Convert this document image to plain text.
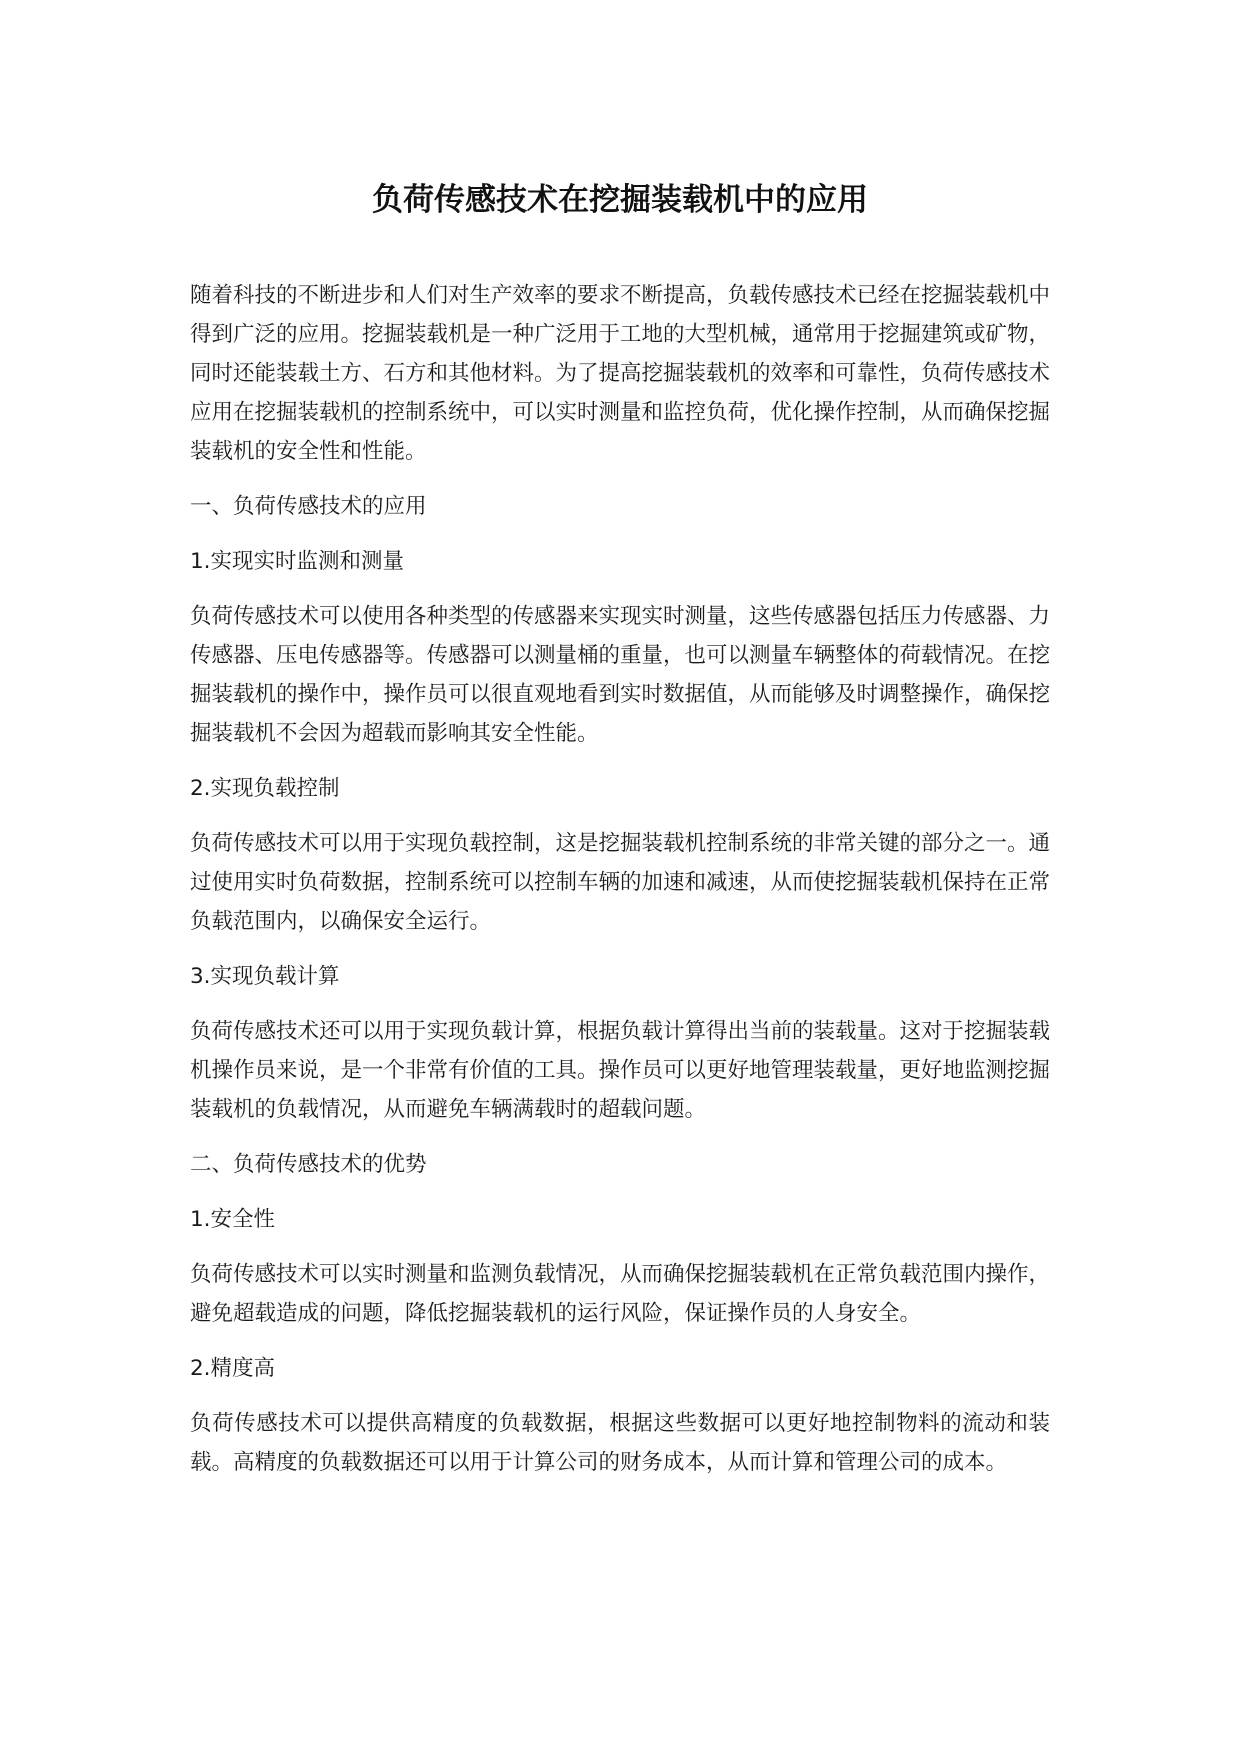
负荷传感技术在挖掘装载机中的应用

随着科技的不断进步和人们对生产效率的要求不断提高，负载传感技术已经在挖掘装载机中得到广泛的应用。挖掘装载机是一种广泛用于工地的大型机械，通常用于挖掘建筑或矿物，同时还能装载土方、石方和其他材料。为了提高挖掘装载机的效率和可靠性，负荷传感技术应用在挖掘装载机的控制系统中，可以实时测量和监控负荷，优化操作控制，从而确保挖掘装载机的安全性和性能。

一、负荷传感技术的应用
1.实现实时监测和测量

负荷传感技术可以使用各种类型的传感器来实现实时测量，这些传感器包括压力传感器、力传感器、压电传感器等。传感器可以测量桶的重量，也可以测量车辆整体的荷载情况。在挖掘装载机的操作中，操作员可以很直观地看到实时数据值，从而能够及时调整操作，确保挖掘装载机不会因为超载而影响其安全性能。

2.实现负载控制

负荷传感技术可以用于实现负载控制，这是挖掘装载机控制系统的非常关键的部分之一。通过使用实时负荷数据，控制系统可以控制车辆的加速和减速，从而使挖掘装载机保持在正常负载范围内，以确保安全运行。

3.实现负载计算

负荷传感技术还可以用于实现负载计算，根据负载计算得出当前的装载量。这对于挖掘装载机操作员来说，是一个非常有价值的工具。操作员可以更好地管理装载量，更好地监测挖掘装载机的负载情况，从而避免车辆满载时的超载问题。

二、负荷传感技术的优势
1.安全性

负荷传感技术可以实时测量和监测负载情况，从而确保挖掘装载机在正常负载范围内操作，避免超载造成的问题，降低挖掘装载机的运行风险，保证操作员的人身安全。

2.精度高

负荷传感技术可以提供高精度的负载数据，根据这些数据可以更好地控制物料的流动和装载。高精度的负载数据还可以用于计算公司的财务成本，从而计算和管理公司的成本。
